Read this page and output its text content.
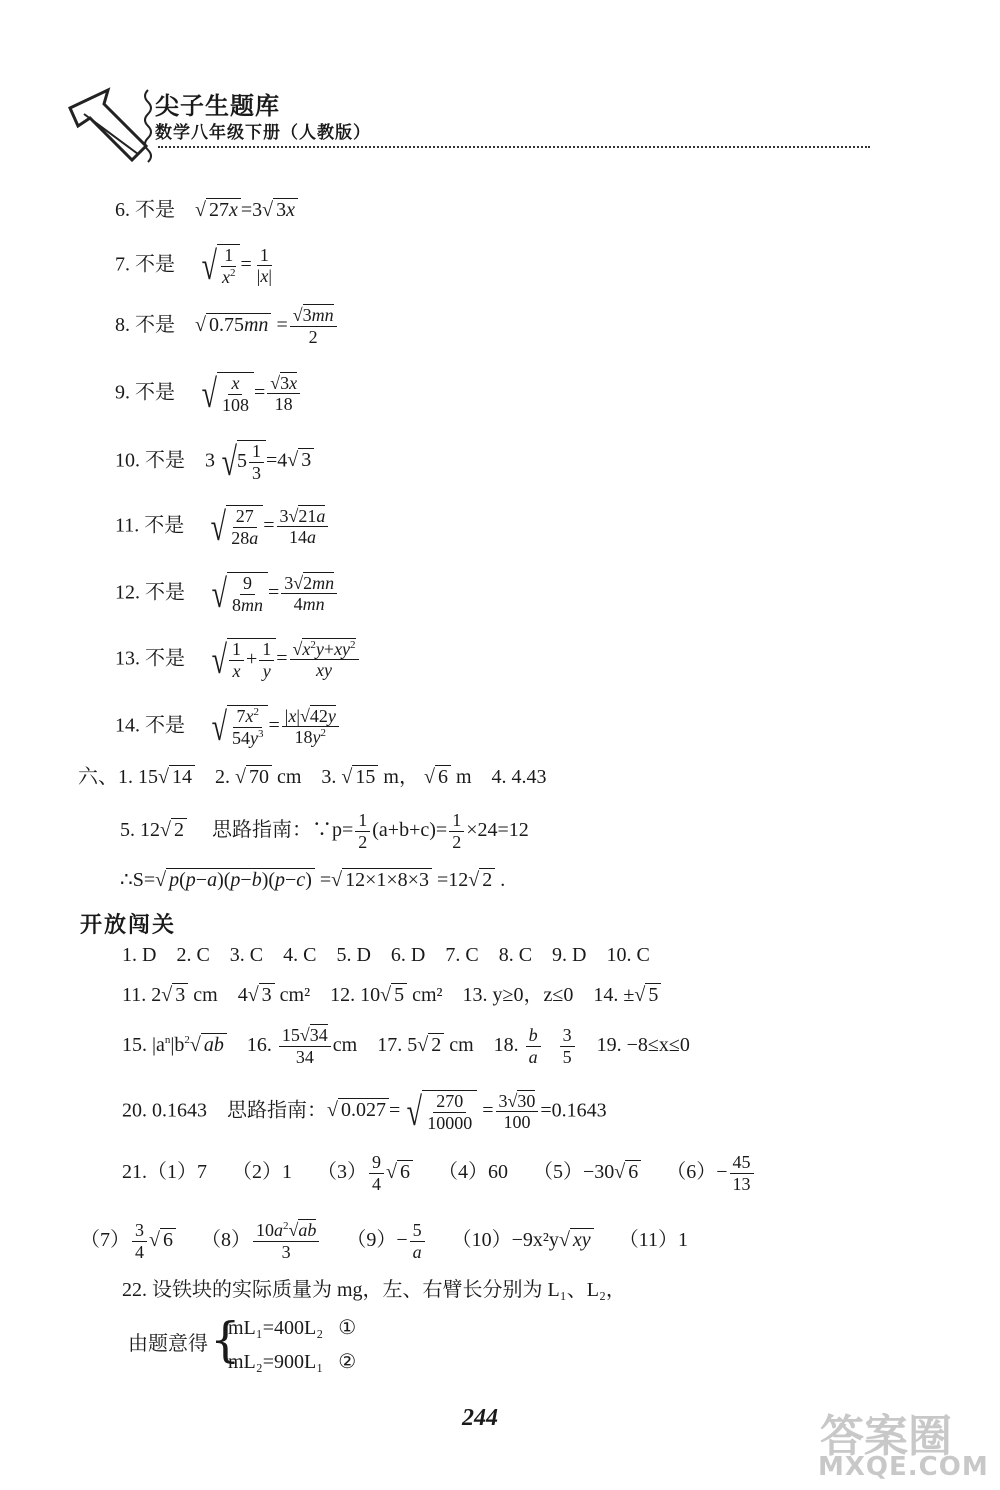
尖子生题库
数学八年级下册（人教版）
6. 不是 √ 27x =3√ 3x
7. 不是 √ $\frac{1}{x^2} = \frac{1}{|x|}$
8. 不是 √ $0.75mn = \frac{√3mn}{2}$
9. 不是 √ $\frac{x}{108} = \frac{√3x}{18}$
10. 不是    3 $√5 \frac{1}{3} =4√$ 3
11. 不是 √ $\frac{27}{28a} = \frac{3√21a}{14a}$
12. 不是 √ $\frac{9}{8mn} = \frac{3√2mn}{4mn}$
13. 不是 √ $\frac{1}{x} + \frac{1}{y} = \frac{√x^2y+xy^2}{xy}$
14. 不是 √ $\frac{7x^2}{54y^3} = \frac{|x|√42y}{18y^2}$
六、1. 15√ 14 2. √ 70 cm 3. √ 15 m， √ 6 m 4. 4.43
5. 12√ 2 思路指南：∵p= $\frac{1}{2} (a+b+c)= \frac{1}{2} \times 24=12$
∴S=√ p(p−a)(p−b)(p−c) =√ 12×1×8×3 =12√ 2 .
开放闯关
1. D    2. C    3. C    4. C    5. D    6. D    7. C    8. C    9. D    10. C
11. 2√ 3 cm 4√ 3 cm² 12. 10√ 5 cm² 13. y≥0，z≤0 14. ±√ 5
15. $|a^n|b^2√$ ab 16. $\frac{15√34}{34}$ cm 17. 5√ 2 cm 18. $\frac{b}{a}$
$\frac{3}{5} 19$. −8≤x≤0
20. 0.1643 思路指南：√ 0.027 = √ $\frac{270}{10000} = \frac{3√30}{100} =0.1643$
21.（1）7 （2）1 $(3) \frac{9}{4}$ √ 6 （4）60 （5）−30√ 6 $(6)- \frac{45}{13}$
$(7) \frac{3}{4}$ √ 6 $(8) \frac{10a^2√ab}{3} (9)- \frac{5}{a} (10)-9x^2y√$ xy （11）1
22. 设铁块的实际质量为 mg，左、右臂长分别为 L₁、L₂，
由题意得 {
mL₁=400L₂ ①
mL₂=900L₁ ②
244	答案圈
MXQE.COM
